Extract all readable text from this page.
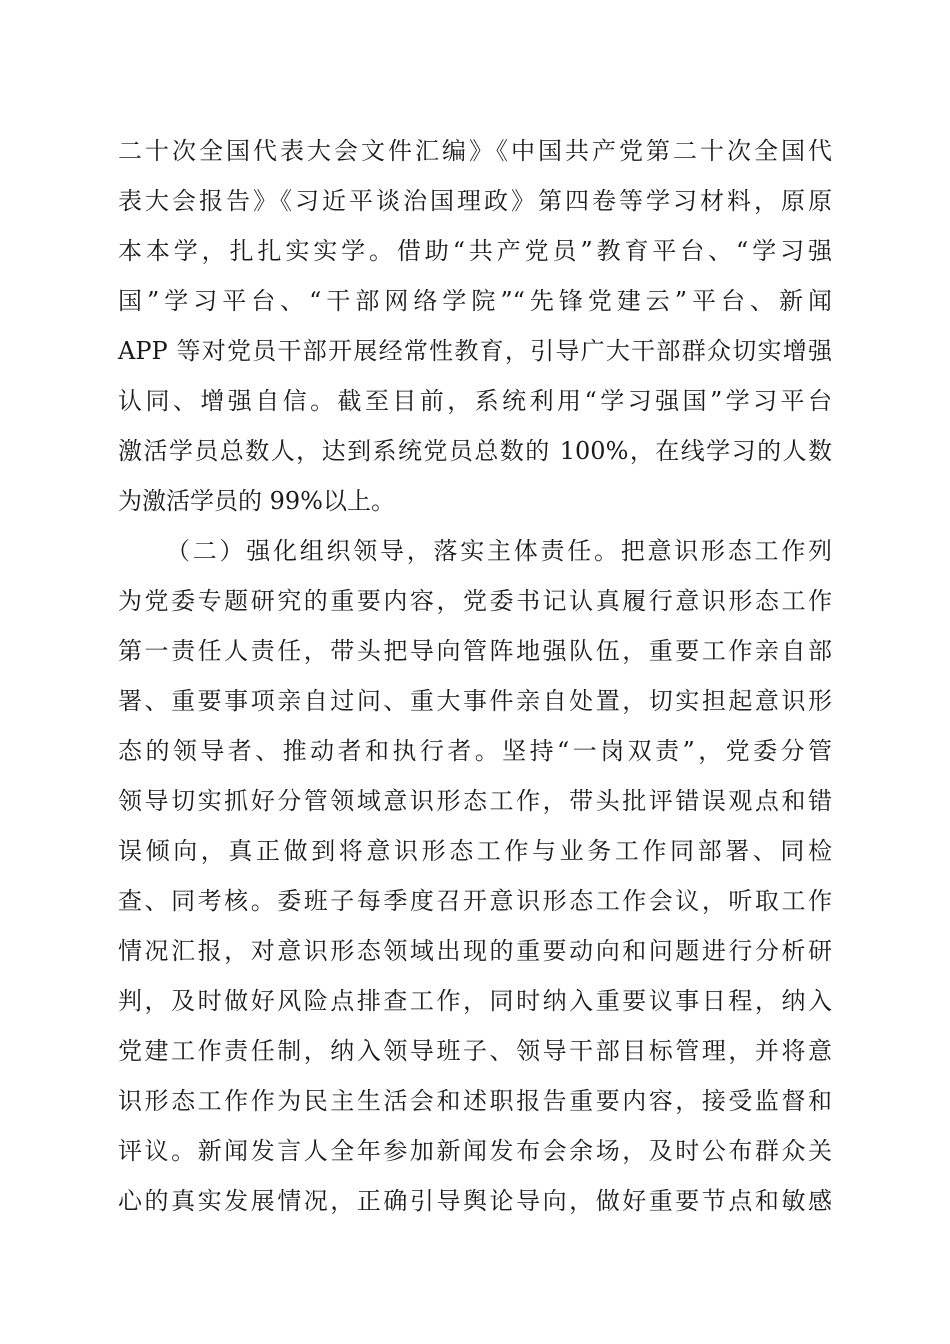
二十次全国代表大会文件汇编》《中国共产党第二十次全国代
表大会报告》《习近平谈治国理政》第四卷等学习材料，原原
本本学，扎扎实实学。借助“共产党员”教育平台、“学习强
国”学习平台、“干部网络学院”“先锋党建云”平台、新闻
APP 等对党员干部开展经常性教育，引导广大干部群众切实增强
认同、增强自信。截至目前，系统利用“学习强国”学习平台
激活学员总数人，达到系统党员总数的 100%，在线学习的人数
为激活学员的 99%以上。
（二）强化组织领导，落实主体责任。把意识形态工作列
为党委专题研究的重要内容，党委书记认真履行意识形态工作
第一责任人责任，带头把导向管阵地强队伍，重要工作亲自部
署、重要事项亲自过问、重大事件亲自处置，切实担起意识形
态的领导者、推动者和执行者。坚持“一岗双责”，党委分管
领导切实抓好分管领域意识形态工作，带头批评错误观点和错
误倾向，真正做到将意识形态工作与业务工作同部署、同检
查、同考核。委班子每季度召开意识形态工作会议，听取工作
情况汇报，对意识形态领域出现的重要动向和问题进行分析研
判，及时做好风险点排查工作，同时纳入重要议事日程，纳入
党建工作责任制，纳入领导班子、领导干部目标管理，并将意
识形态工作作为民主生活会和述职报告重要内容，接受监督和
评议。新闻发言人全年参加新闻发布会余场，及时公布群众关
心的真实发展情况，正确引导舆论导向，做好重要节点和敏感
